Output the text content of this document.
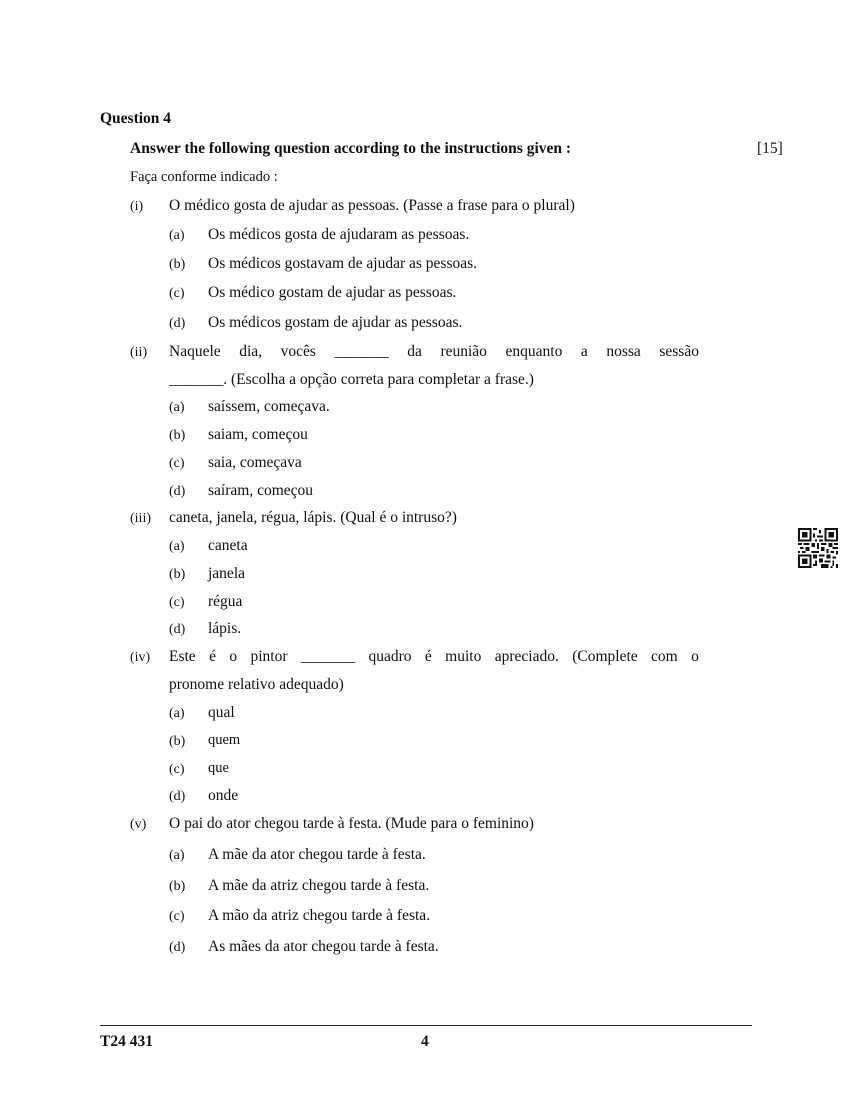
Question 4
Answer the following question according to the instructions given :	[15]
Faça conforme indicado :
(i) O médico gosta de ajudar as pessoas. (Passe a frase para o plural)
(a) Os médicos gosta de ajudaram as pessoas.
(b) Os médicos gostavam de ajudar as pessoas.
(c) Os médico gostam de ajudar as pessoas.
(d) Os médicos gostam de ajudar as pessoas.
(ii) Naquele dia, vocês _______ da reunião enquanto a nossa sessão
_______. (Escolha a opção correta para completar a frase.)
(a) saíssem, começava.
(b) saiam, começou
(c) saia, começava
(d) saíram, começou
(iii) caneta, janela, régua, lápis. (Qual é o intruso?)
(a) caneta
(b) janela
(c) régua
(d) lápis.
(iv) Este é o pintor _______ quadro é muito apreciado. (Complete com o
pronome relativo adequado)
(a) qual
(b) quem
(c) que
(d) onde
(v) O pai do ator chegou tarde à festa. (Mude para o feminino)
(a) A mãe da ator chegou tarde à festa.
(b) A mãe da atriz chegou tarde à festa.
(c) A mão da atriz chegou tarde à festa.
(d) As mães da ator chegou tarde à festa.
T24 431	4
